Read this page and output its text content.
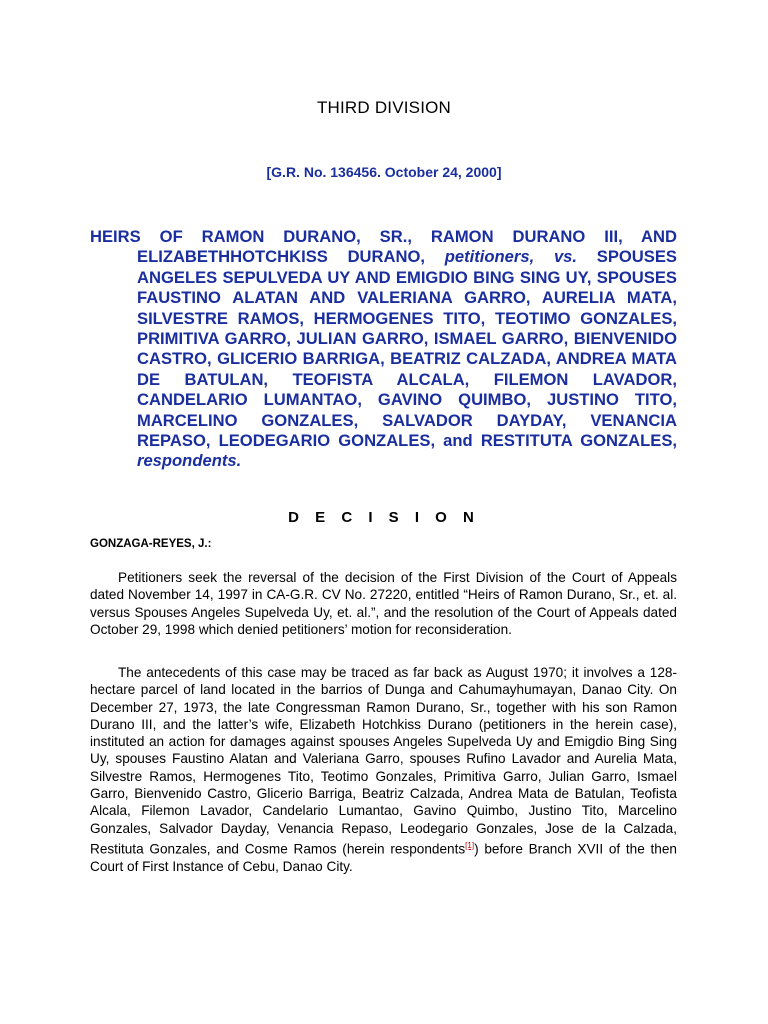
THIRD DIVISION
[G.R. No. 136456. October 24, 2000]
HEIRS OF RAMON DURANO, SR., RAMON DURANO III, AND ELIZABETHHOTCHKISS DURANO, petitioners, vs. SPOUSES ANGELES SEPULVEDA UY AND EMIGDIO BING SING UY, SPOUSES FAUSTINO ALATAN AND VALERIANA GARRO, AURELIA MATA, SILVESTRE RAMOS, HERMOGENES TITO, TEOTIMO GONZALES, PRIMITIVA GARRO, JULIAN GARRO, ISMAEL GARRO, BIENVENIDO CASTRO, GLICERIO BARRIGA, BEATRIZ CALZADA, ANDREA MATA DE BATULAN, TEOFISTA ALCALA, FILEMON LAVADOR, CANDELARIO LUMANTAO, GAVINO QUIMBO, JUSTINO TITO, MARCELINO GONZALES, SALVADOR DAYDAY, VENANCIA REPASO, LEODEGARIO GONZALES, and RESTITUTA GONZALES, respondents.
D E C I S I O N
GONZAGA-REYES, J.:

Petitioners seek the reversal of the decision of the First Division of the Court of Appeals dated November 14, 1997 in CA-G.R. CV No. 27220, entitled “Heirs of Ramon Durano, Sr., et. al. versus Spouses Angeles Supelveda Uy, et. al.”, and the resolution of the Court of Appeals dated October 29, 1998 which denied petitioners’ motion for reconsideration.

The antecedents of this case may be traced as far back as August 1970; it involves a 128-hectare parcel of land located in the barrios of Dunga and Cahumayhumayan, Danao City. On December 27, 1973, the late Congressman Ramon Durano, Sr., together with his son Ramon Durano III, and the latter’s wife, Elizabeth Hotchkiss Durano (petitioners in the herein case), instituted an action for damages against spouses Angeles Supelveda Uy and Emigdio Bing Sing Uy, spouses Faustino Alatan and Valeriana Garro, spouses Rufino Lavador and Aurelia Mata, Silvestre Ramos, Hermogenes Tito, Teotimo Gonzales, Primitiva Garro, Julian Garro, Ismael Garro, Bienvenido Castro, Glicerio Barriga, Beatriz Calzada, Andrea Mata de Batulan, Teofista Alcala, Filemon Lavador, Candelario Lumantao, Gavino Quimbo, Justino Tito, Marcelino Gonzales, Salvador Dayday, Venancia Repaso, Leodegario Gonzales, Jose de la Calzada, Restituta Gonzales, and Cosme Ramos (herein respondents[1]) before Branch XVII of the then Court of First Instance of Cebu, Danao City.
